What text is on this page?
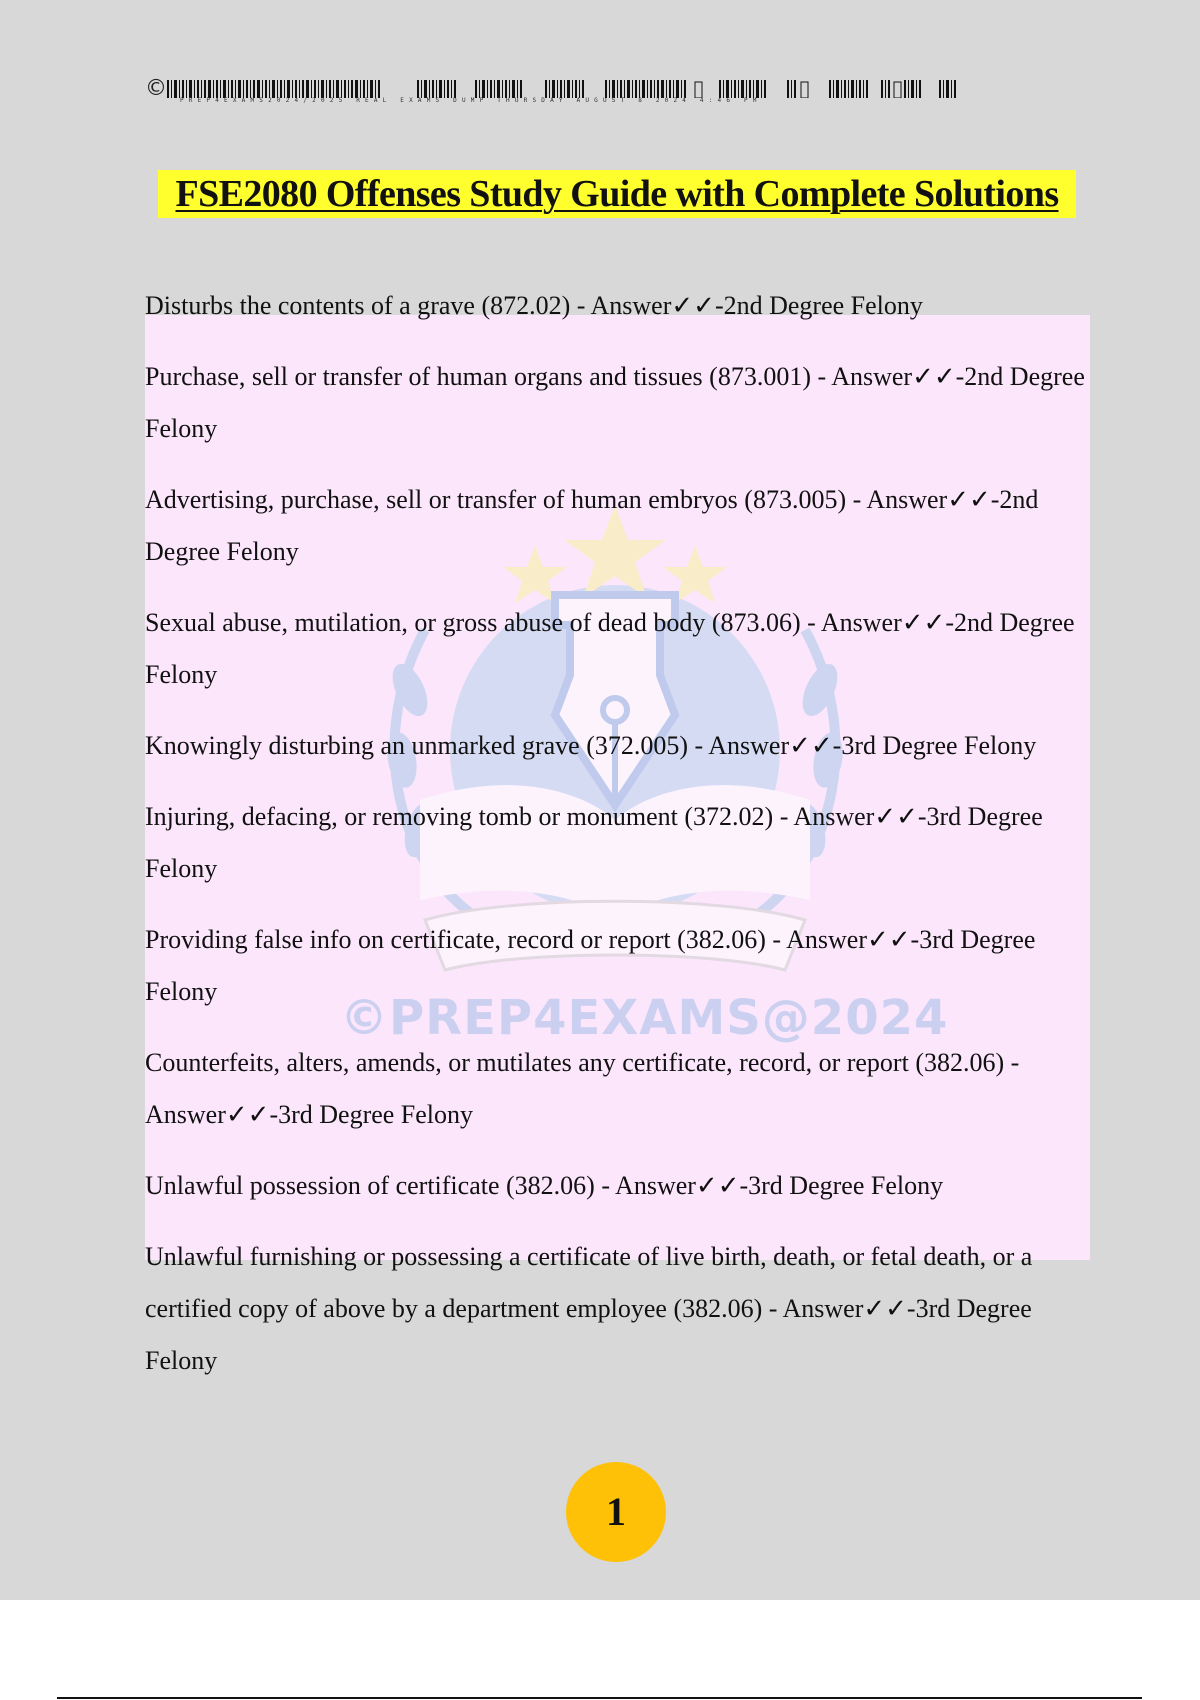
© PREP4EXAMS2024/2025 REAL EXAMS DUMP THURSDAY AUGUST 8 2024 4:46 PM
FSE2080 Offenses Study Guide with Complete Solutions
©PREP4EXAMS@2024

Disturbs the contents of a grave (872.02) - Answer✓✓-2nd Degree Felony

Purchase, sell or transfer of human organs and tissues (873.001) - Answer✓✓-2nd Degree Felony

Advertising, purchase, sell or transfer of human embryos (873.005) - Answer✓✓-2nd Degree Felony

Sexual abuse, mutilation, or gross abuse of dead body (873.06) - Answer✓✓-2nd Degree Felony

Knowingly disturbing an unmarked grave (372.005) - Answer✓✓-3rd Degree Felony

Injuring, defacing, or removing tomb or monument (372.02) - Answer✓✓-3rd Degree Felony

Providing false info on certificate, record or report (382.06) - Answer✓✓-3rd Degree Felony

Counterfeits, alters, amends, or mutilates any certificate, record, or report (382.06) - Answer✓✓-3rd Degree Felony

Unlawful possession of certificate (382.06) - Answer✓✓-3rd Degree Felony

Unlawful furnishing or possessing a certificate of live birth, death, or fetal death, or a certified copy of above by a department employee (382.06) - Answer✓✓-3rd Degree Felony

1
